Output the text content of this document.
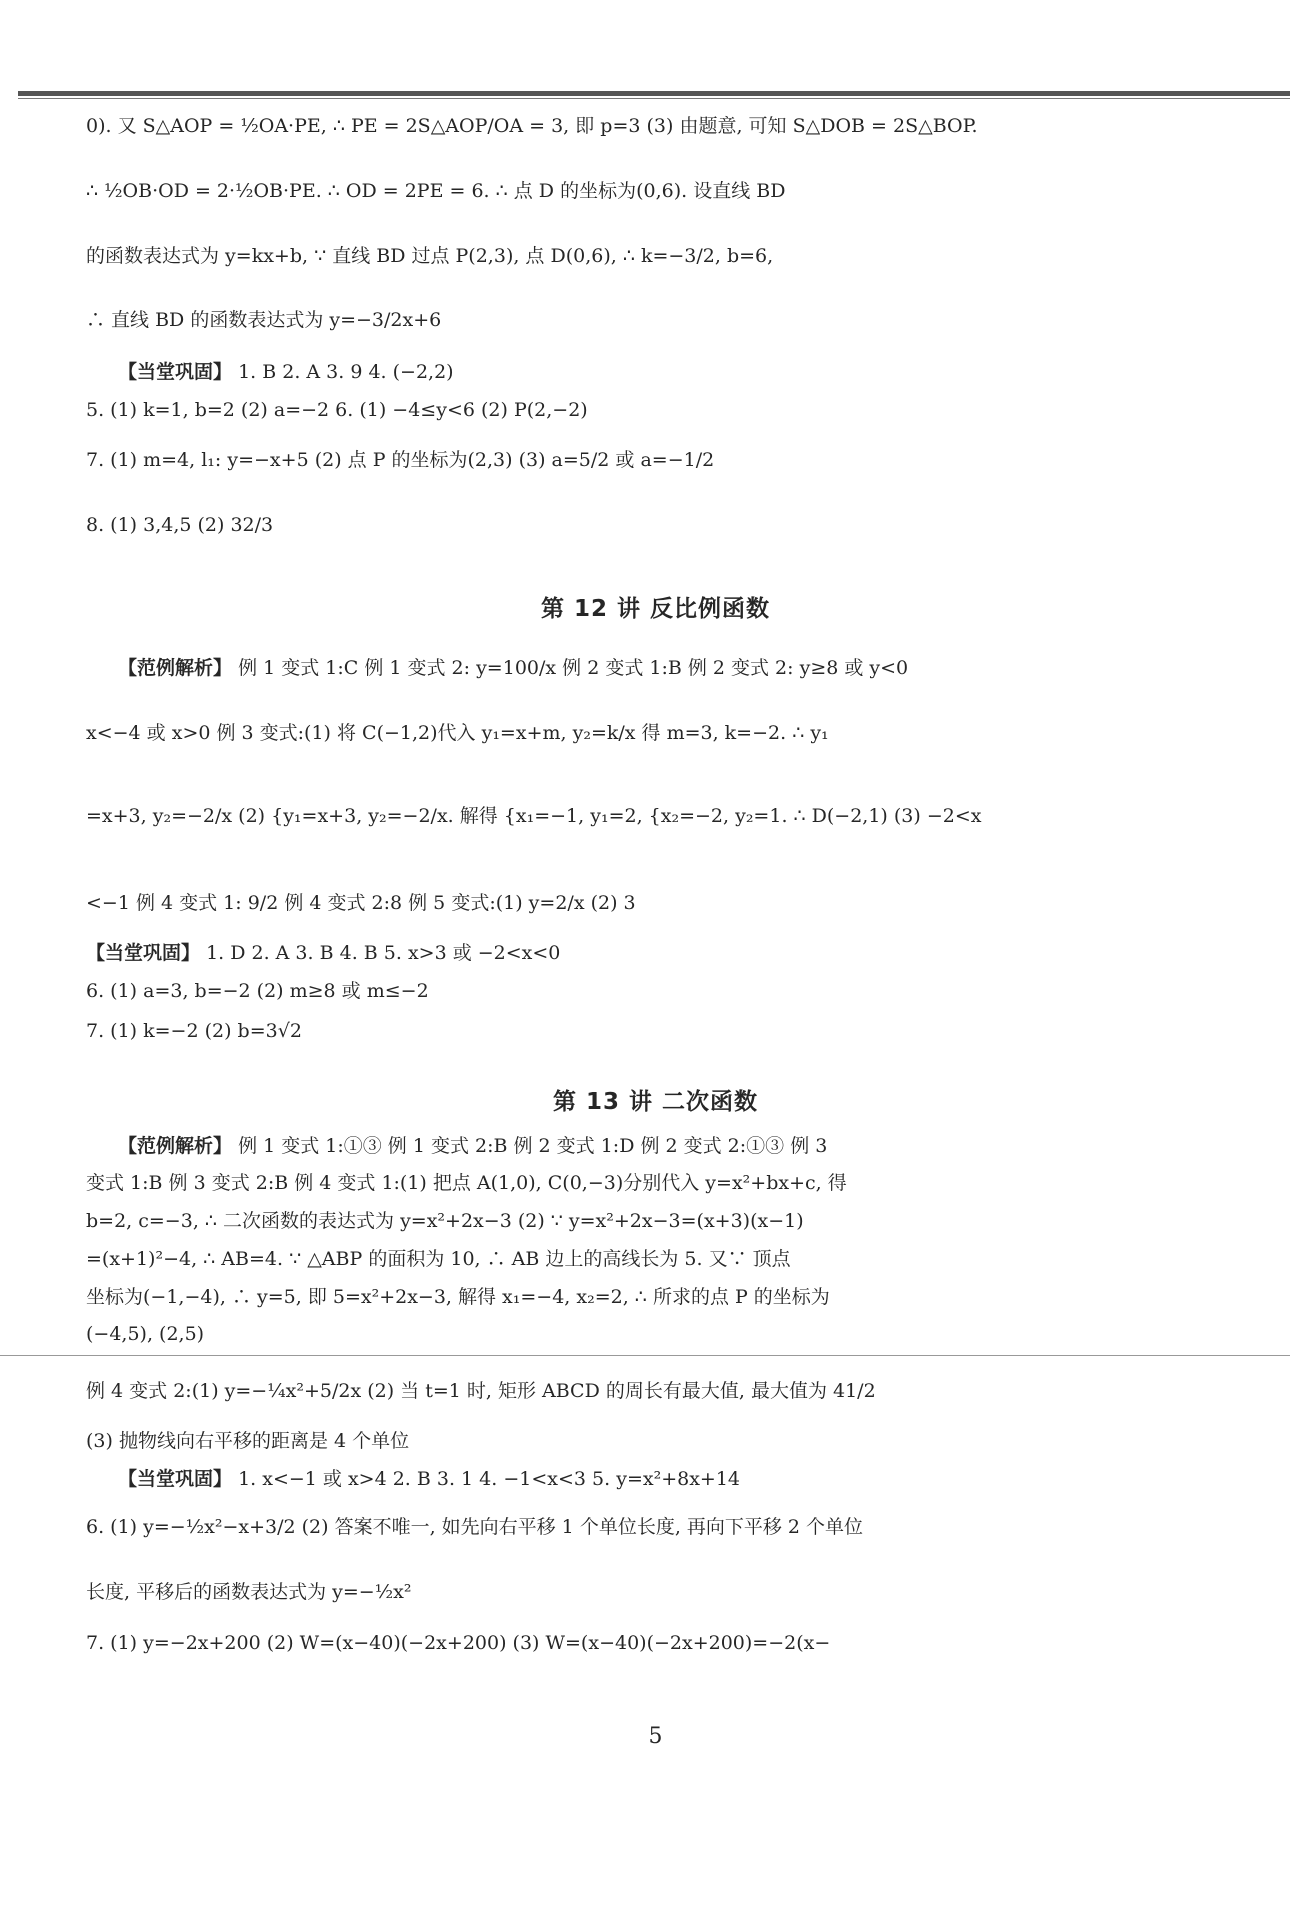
0). 又 S△AOP = ½OA·PE, ∴ PE = 2S△AOP/OA = 3, 即 p=3 (3) 由题意, 可知 S△DOB = 2S△BOP.
∴ ½OB·OD = 2·½OB·PE. ∴ OD = 2PE = 6. ∴ 点 D 的坐标为(0,6). 设直线 BD
的函数表达式为 y=kx+b, ∵ 直线 BD 过点 P(2,3), 点 D(0,6), ∴ k=−3/2, b=6,
∴ 直线 BD 的函数表达式为 y=−3/2x+6
【当堂巩固】 1. B 2. A 3. 9 4. (−2,2)
5. (1) k=1, b=2 (2) a=−2 6. (1) −4≤y<6 (2) P(2,−2)
7. (1) m=4, l₁: y=−x+5 (2) 点 P 的坐标为(2,3) (3) a=5/2 或 a=−1/2
8. (1) 3,4,5 (2) 32/3
第 12 讲 反比例函数
【范例解析】 例 1 变式 1:C 例 1 变式 2: y=100/x 例 2 变式 1:B 例 2 变式 2: y≥8 或 y<0
x<−4 或 x>0 例 3 变式:(1) 将 C(−1,2)代入 y₁=x+m, y₂=k/x 得 m=3, k=−2. ∴ y₁
=x+3, y₂=−2/x (2) {y₁=x+3, y₂=−2/x. 解得 {x₁=−1, y₁=2, {x₂=−2, y₂=1. ∴ D(−2,1) (3) −2<x
<−1 例 4 变式 1: 9/2 例 4 变式 2:8 例 5 变式:(1) y=2/x (2) 3
【当堂巩固】 1. D 2. A 3. B 4. B 5. x>3 或 −2<x<0
6. (1) a=3, b=−2 (2) m≥8 或 m≤−2
7. (1) k=−2 (2) b=3√2
第 13 讲 二次函数
【范例解析】 例 1 变式 1:①③ 例 1 变式 2:B 例 2 变式 1:D 例 2 变式 2:①③ 例 3
变式 1:B 例 3 变式 2:B 例 4 变式 1:(1) 把点 A(1,0), C(0,−3)分别代入 y=x²+bx+c, 得
b=2, c=−3, ∴ 二次函数的表达式为 y=x²+2x−3 (2) ∵ y=x²+2x−3=(x+3)(x−1)
=(x+1)²−4, ∴ AB=4. ∵ △ABP 的面积为 10, ∴ AB 边上的高线长为 5. 又∵ 顶点
坐标为(−1,−4), ∴ y=5, 即 5=x²+2x−3, 解得 x₁=−4, x₂=2, ∴ 所求的点 P 的坐标为
(−4,5), (2,5)
例 4 变式 2:(1) y=−¼x²+5/2x (2) 当 t=1 时, 矩形 ABCD 的周长有最大值, 最大值为 41/2
(3) 抛物线向右平移的距离是 4 个单位
【当堂巩固】 1. x<−1 或 x>4 2. B 3. 1 4. −1<x<3 5. y=x²+8x+14
6. (1) y=−½x²−x+3/2 (2) 答案不唯一, 如先向右平移 1 个单位长度, 再向下平移 2 个单位
长度, 平移后的函数表达式为 y=−½x²
7. (1) y=−2x+200 (2) W=(x−40)(−2x+200) (3) W=(x−40)(−2x+200)=−2(x−
5
